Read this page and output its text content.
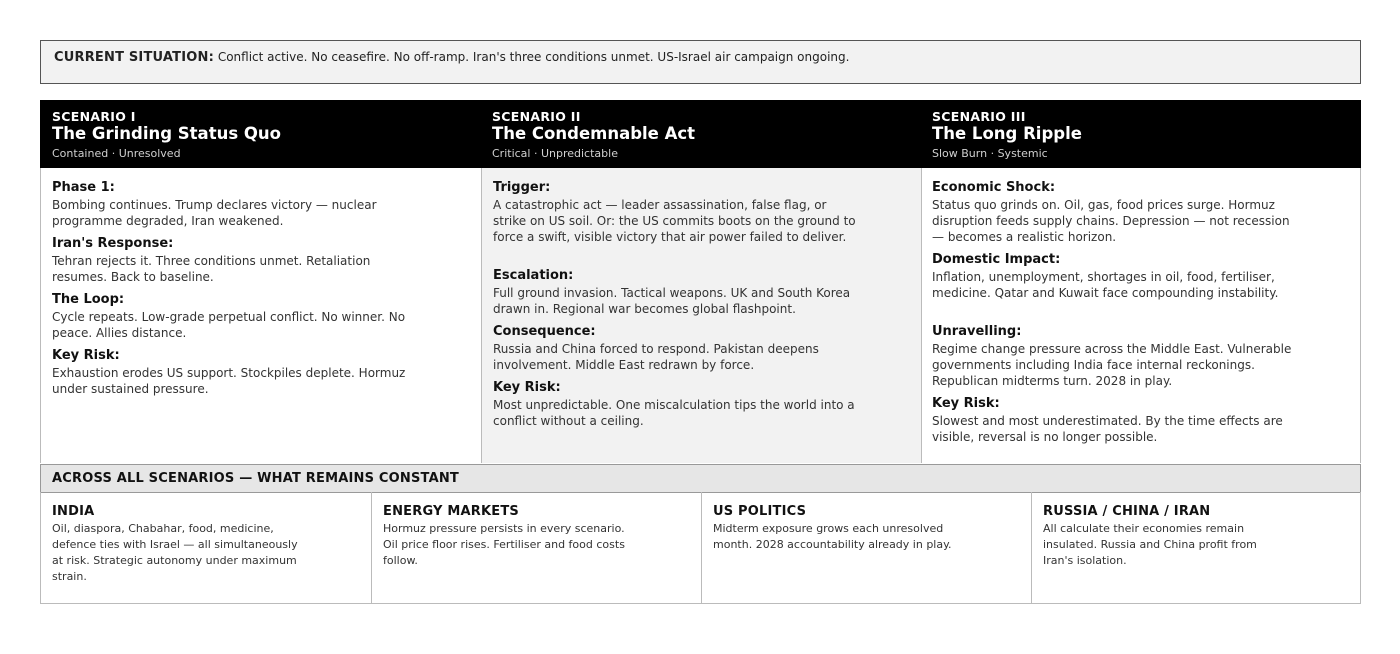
CURRENT SITUATION: Conflict active. No ceasefire. No off-ramp. Iran's three conditions unmet. US-Israel air campaign ongoing.
SCENARIO I
The Grinding Status Quo
Contained · Unresolved
SCENARIO II
The Condemnable Act
Critical · Unpredictable
SCENARIO III
The Long Ripple
Slow Burn · Systemic
Phase 1:

Bombing continues. Trump declares victory — nuclear programme degraded, Iran weakened.

Iran's Response:

Tehran rejects it. Three conditions unmet. Retaliation resumes. Back to baseline.

The Loop:

Cycle repeats. Low-grade perpetual conflict. No winner. No peace. Allies distance.

Key Risk:

Exhaustion erodes US support. Stockpiles deplete. Hormuz under sustained pressure.

Trigger:

A catastrophic act — leader assassination, false flag, or strike on US soil. Or: the US commits boots on the ground to force a swift, visible victory that air power failed to deliver.

Escalation:

Full ground invasion. Tactical weapons. UK and South Korea drawn in. Regional war becomes global flashpoint.

Consequence:

Russia and China forced to respond. Pakistan deepens involvement. Middle East redrawn by force.

Key Risk:

Most unpredictable. One miscalculation tips the world into a conflict without a ceiling.

Economic Shock:

Status quo grinds on. Oil, gas, food prices surge. Hormuz disruption feeds supply chains. Depression — not recession — becomes a realistic horizon.

Domestic Impact:

Inflation, unemployment, shortages in oil, food, fertiliser, medicine. Qatar and Kuwait face compounding instability.

Unravelling:

Regime change pressure across the Middle East. Vulnerable governments including India face internal reckonings. Republican midterms turn. 2028 in play.

Key Risk:

Slowest and most underestimated. By the time effects are visible, reversal is no longer possible.

ACROSS ALL SCENARIOS — WHAT REMAINS CONSTANT
INDIA

Oil, diaspora, Chabahar, food, medicine, defence ties with Israel — all simultaneously at risk. Strategic autonomy under maximum strain.

ENERGY MARKETS

Hormuz pressure persists in every scenario. Oil price floor rises. Fertiliser and food costs follow.

US POLITICS

Midterm exposure grows each unresolved month. 2028 accountability already in play.

RUSSIA / CHINA / IRAN

All calculate their economies remain insulated. Russia and China profit from Iran's isolation.
